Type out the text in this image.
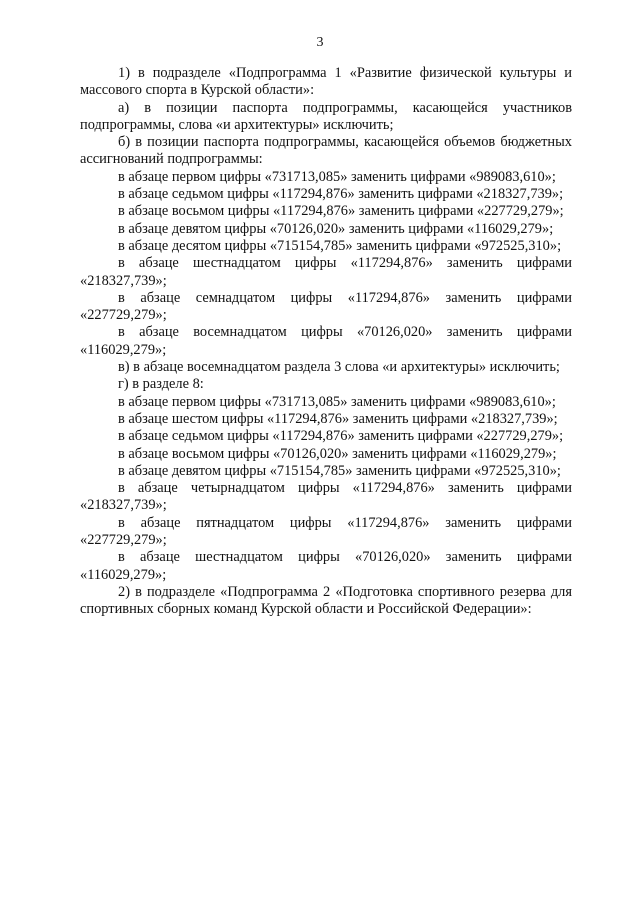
3

1) в подразделе «Подпрограмма 1 «Развитие физической культуры и массового спорта в Курской области»:

а) в позиции паспорта подпрограммы, касающейся участников подпрограммы, слова «и архитектуры» исключить;

б) в позиции паспорта подпрограммы, касающейся объемов бюджетных ассигнований подпрограммы:

в абзаце первом цифры «731713,085» заменить цифрами «989083,610»;

в абзаце седьмом цифры «117294,876» заменить цифрами «218327,739»;

в абзаце восьмом цифры «117294,876» заменить цифрами «227729,279»;

в абзаце девятом цифры «70126,020» заменить цифрами «116029,279»;

в абзаце десятом цифры «715154,785» заменить цифрами «972525,310»;

в абзаце шестнадцатом цифры «117294,876» заменить цифрами «218327,739»;

в абзаце семнадцатом цифры «117294,876» заменить цифрами «227729,279»;

в абзаце восемнадцатом цифры «70126,020» заменить цифрами «116029,279»;

в) в абзаце восемнадцатом раздела 3 слова «и архитектуры» исключить;

г) в разделе 8:

в абзаце первом цифры «731713,085» заменить цифрами «989083,610»;

в абзаце шестом цифры «117294,876» заменить цифрами «218327,739»;

в абзаце седьмом цифры «117294,876» заменить цифрами «227729,279»;

в абзаце восьмом цифры «70126,020» заменить цифрами «116029,279»;

в абзаце девятом цифры «715154,785» заменить цифрами «972525,310»;

в абзаце четырнадцатом цифры «117294,876» заменить цифрами «218327,739»;

в абзаце пятнадцатом цифры «117294,876» заменить цифрами «227729,279»;

в абзаце шестнадцатом цифры «70126,020» заменить цифрами «116029,279»;

2) в подразделе «Подпрограмма 2 «Подготовка спортивного резерва для спортивных сборных команд Курской области и Российской Федерации»:
